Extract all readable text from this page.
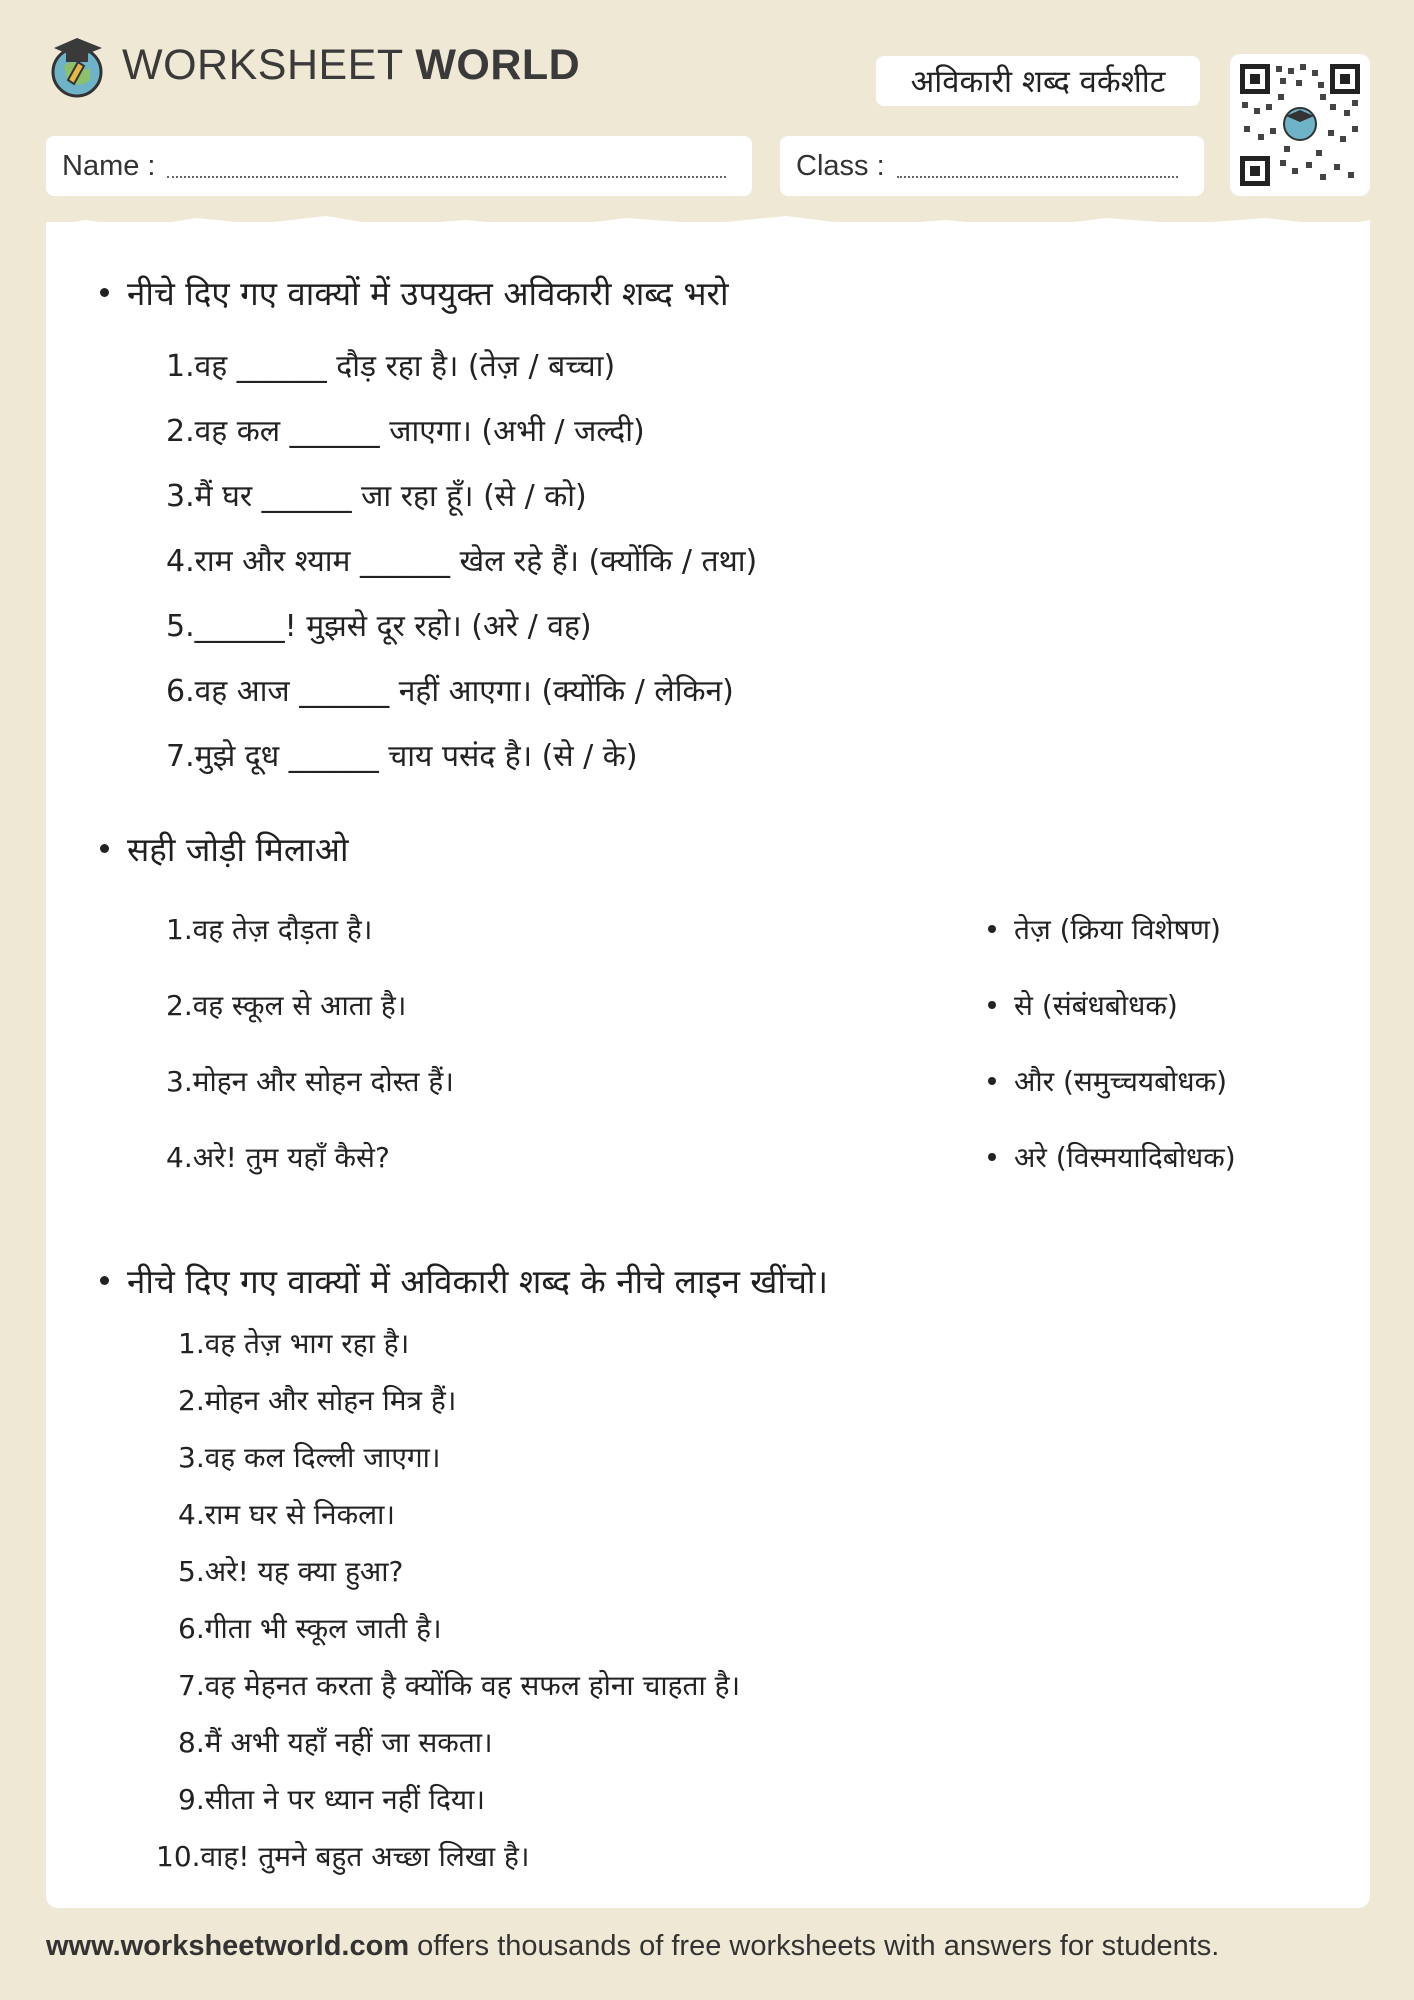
WORKSHEET WORLD	अविकारी शब्द वर्कशीट
Name :	Class :
नीचे दिए गए वाक्यों में उपयुक्त अविकारी शब्द भरो
1.वह ______ दौड़ रहा है। (तेज़ / बच्चा)
2.वह कल ______ जाएगा। (अभी / जल्दी)
3.मैं घर ______ जा रहा हूँ। (से / को)
4.राम और श्याम ______ खेल रहे हैं। (क्योंकि / तथा)
5.______! मुझसे दूर रहो। (अरे / वह)
6.वह आज ______ नहीं आएगा। (क्योंकि / लेकिन)
7.मुझे दूध ______ चाय पसंद है। (से / के)
सही जोड़ी मिलाओ
1.वह तेज़ दौड़ता है।
2.वह स्कूल से आता है।
3.मोहन और सोहन दोस्त हैं।
4.अरे! तुम यहाँ कैसे?
तेज़ (क्रिया विशेषण)
से (संबंधबोधक)
और (समुच्चयबोधक)
अरे (विस्मयादिबोधक)
नीचे दिए गए वाक्यों में अविकारी शब्द के नीचे लाइन खींचो।
1.वह तेज़ भाग रहा है।
2.मोहन और सोहन मित्र हैं।
3.वह कल दिल्ली जाएगा।
4.राम घर से निकला।
5.अरे! यह क्या हुआ?
6.गीता भी स्कूल जाती है।
7.वह मेहनत करता है क्योंकि वह सफल होना चाहता है।
8.मैं अभी यहाँ नहीं जा सकता।
9.सीता ने पर ध्यान नहीं दिया।
10.वाह! तुमने बहुत अच्छा लिखा है।
www.worksheetworld.com offers thousands of free worksheets with answers for students.
